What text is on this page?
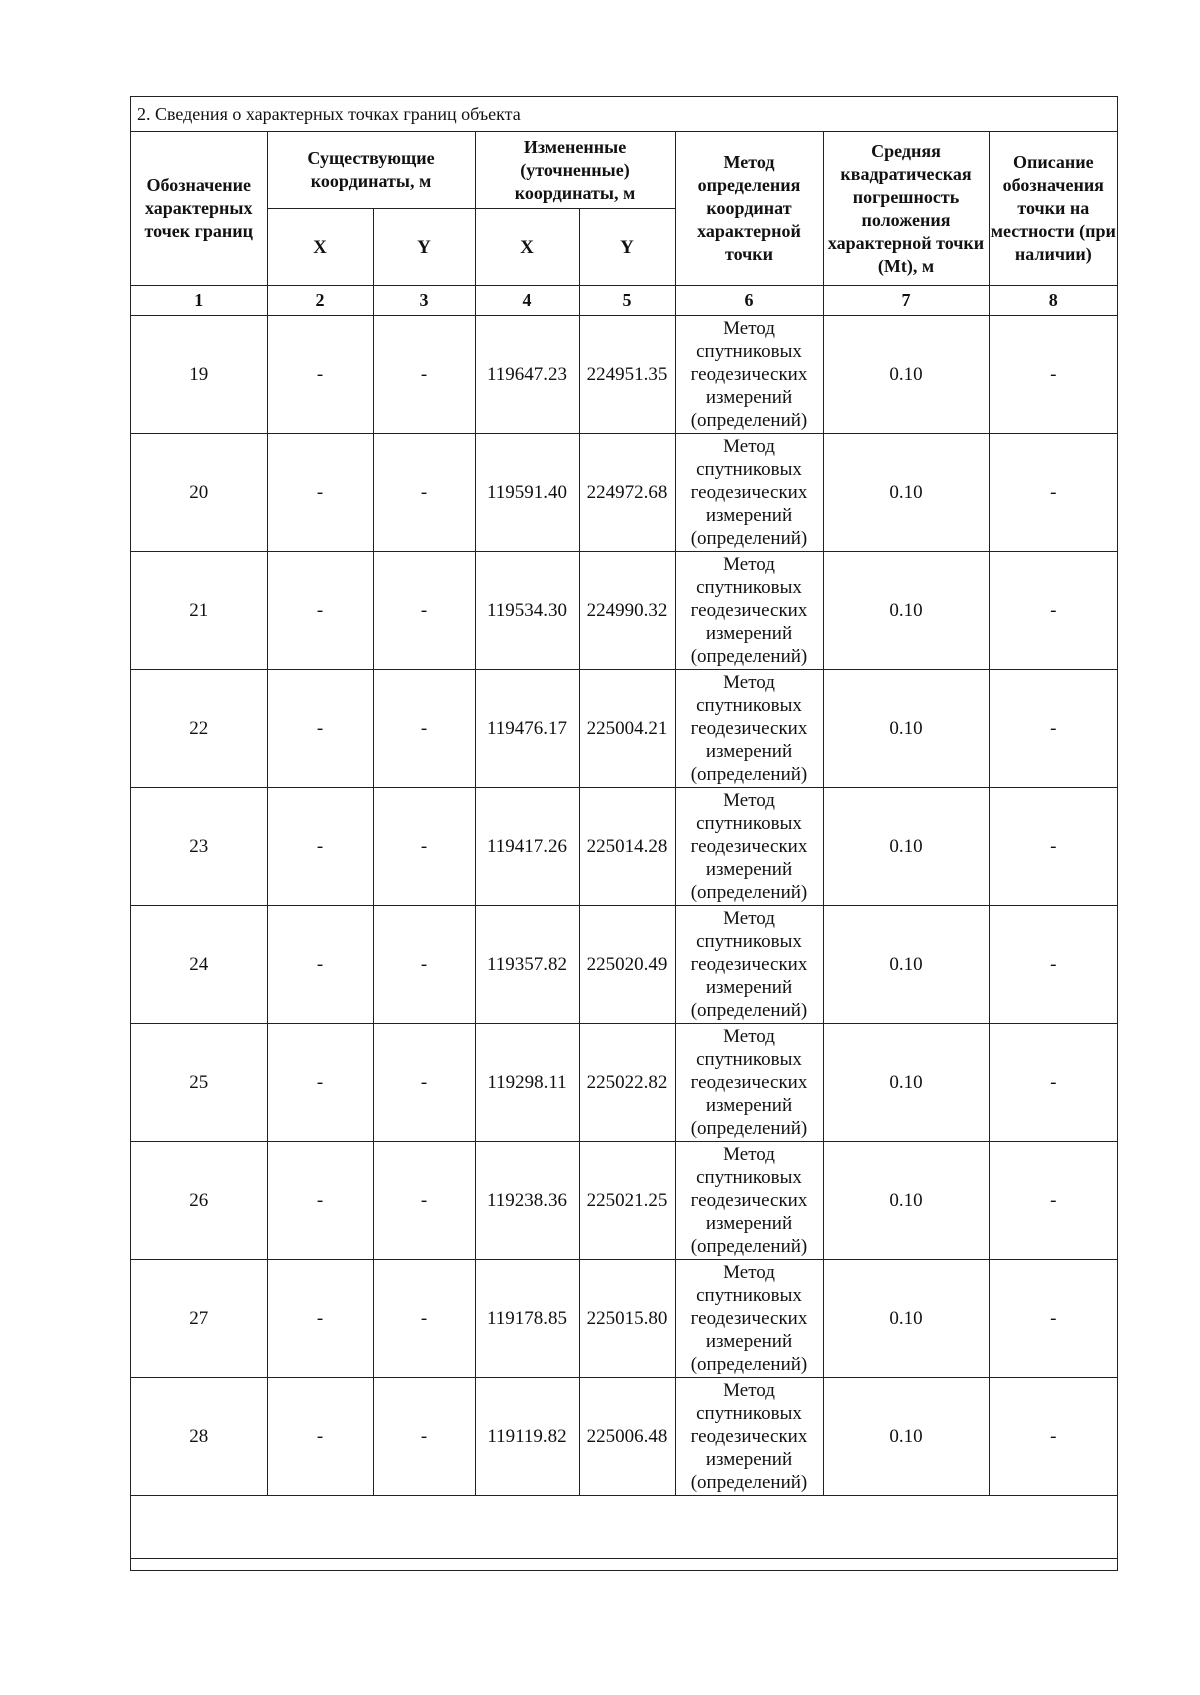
2. Сведения о характерных точках границ объекта							
Обозначение характерных точек границ	Существующие координаты, м		Измененные (уточненные) координаты, м		Метод определения координат характерной точки	Средняя квадратическая погрешность положения характерной точки (Mt), м	Описание обозначения точки на местности (при наличии)
	X	Y	X	Y			
1	2	3	4	5	6	7	8
19	-	-	119647.23	224951.35	Метод
спутниковых
геодезических
измерений
(определений)	0.10	-
20	-	-	119591.40	224972.68	Метод
спутниковых
геодезических
измерений
(определений)	0.10	-
21	-	-	119534.30	224990.32	Метод
спутниковых
геодезических
измерений
(определений)	0.10	-
22	-	-	119476.17	225004.21	Метод
спутниковых
геодезических
измерений
(определений)	0.10	-
23	-	-	119417.26	225014.28	Метод
спутниковых
геодезических
измерений
(определений)	0.10	-
24	-	-	119357.82	225020.49	Метод
спутниковых
геодезических
измерений
(определений)	0.10	-
25	-	-	119298.11	225022.82	Метод
спутниковых
геодезических
измерений
(определений)	0.10	-
26	-	-	119238.36	225021.25	Метод
спутниковых
геодезических
измерений
(определений)	0.10	-
27	-	-	119178.85	225015.80	Метод
спутниковых
геодезических
измерений
(определений)	0.10	-
28	-	-	119119.82	225006.48	Метод
спутниковых
геодезических
измерений
(определений)	0.10	-
